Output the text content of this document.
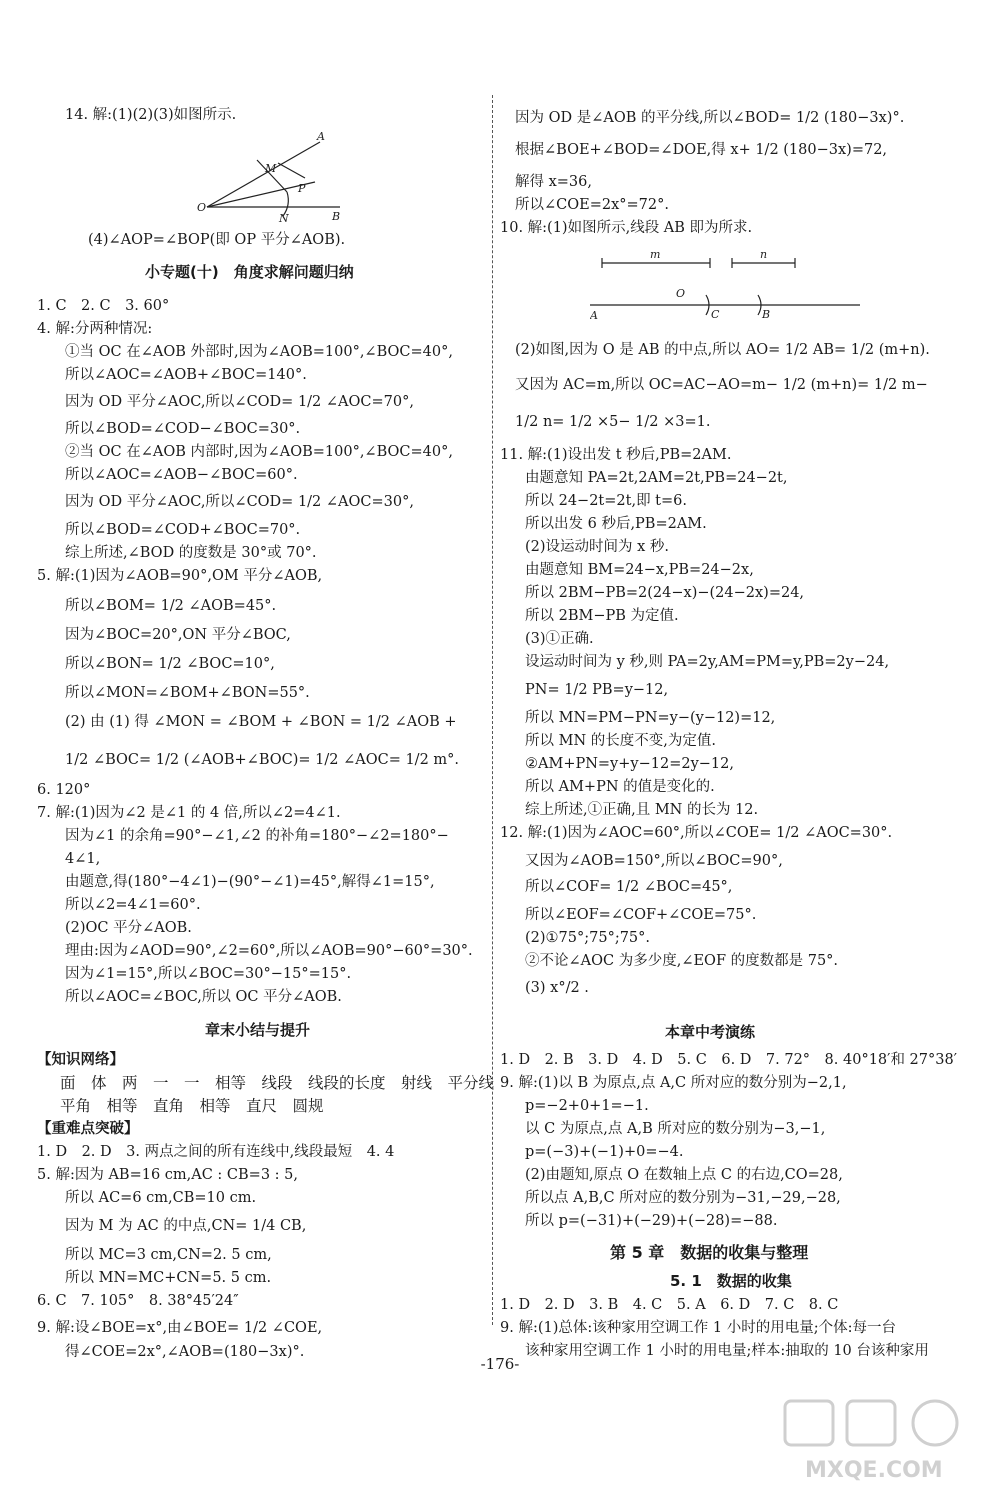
14. 解:(1)(2)(3)如图所示.
A
M
P
O
N	B
(4)∠AOP=∠BOP(即 OP 平分∠AOB).
小专题(十)　角度求解问题归纳
1. C　2. C　3. 60°
4. 解:分两种情况:
①当 OC 在∠AOB 外部时,因为∠AOB=100°,∠BOC=40°,
所以∠AOC=∠AOB+∠BOC=140°.
因为 OD 平分∠AOC,所以∠COD= 1/2 ∠AOC=70°,
所以∠BOD=∠COD−∠BOC=30°.
②当 OC 在∠AOB 内部时,因为∠AOB=100°,∠BOC=40°,
所以∠AOC=∠AOB−∠BOC=60°.
因为 OD 平分∠AOC,所以∠COD= 1/2 ∠AOC=30°,
所以∠BOD=∠COD+∠BOC=70°.
综上所述,∠BOD 的度数是 30°或 70°.
5. 解:(1)因为∠AOB=90°,OM 平分∠AOB,
所以∠BOM= 1/2 ∠AOB=45°.
因为∠BOC=20°,ON 平分∠BOC,
所以∠BON= 1/2 ∠BOC=10°,
所以∠MON=∠BOM+∠BON=55°.
(2) 由 (1) 得 ∠MON = ∠BOM + ∠BON = 1/2 ∠AOB +
1/2 ∠BOC= 1/2 (∠AOB+∠BOC)= 1/2 ∠AOC= 1/2 m°.
6. 120°
7. 解:(1)因为∠2 是∠1 的 4 倍,所以∠2=4∠1.
因为∠1 的余角=90°−∠1,∠2 的补角=180°−∠2=180°−
4∠1,
由题意,得(180°−4∠1)−(90°−∠1)=45°,解得∠1=15°,
所以∠2=4∠1=60°.
(2)OC 平分∠AOB.
理由:因为∠AOD=90°,∠2=60°,所以∠AOB=90°−60°=30°.
因为∠1=15°,所以∠BOC=30°−15°=15°.
所以∠AOC=∠BOC,所以 OC 平分∠AOB.
章末小结与提升
【知识网络】
面　体　两　一　一　相等　线段　线段的长度　射线　平分线
平角　相等　直角　相等　直尺　圆规
【重难点突破】
1. D　2. D　3. 两点之间的所有连线中,线段最短　4. 4
5. 解:因为 AB=16 cm,AC : CB=3 : 5,
所以 AC=6 cm,CB=10 cm.
因为 M 为 AC 的中点,CN= 1/4 CB,
所以 MC=3 cm,CN=2. 5 cm,
所以 MN=MC+CN=5. 5 cm.
6. C　7. 105°　8. 38°45′24″
9. 解:设∠BOE=x°,由∠BOE= 1/2 ∠COE,
得∠COE=2x°,∠AOB=(180−3x)°.
因为 OD 是∠AOB 的平分线,所以∠BOD= 1/2 (180−3x)°.
根据∠BOE+∠BOD=∠DOE,得 x+ 1/2 (180−3x)=72,
解得 x=36,
所以∠COE=2x°=72°.
10. 解:(1)如图所示,线段 AB 即为所求.
m	n
O
A	C	B
(2)如图,因为 O 是 AB 的中点,所以 AO= 1/2 AB= 1/2 (m+n).
又因为 AC=m,所以 OC=AC−AO=m− 1/2 (m+n)= 1/2 m−
1/2 n= 1/2 ×5− 1/2 ×3=1.
11. 解:(1)设出发 t 秒后,PB=2AM.
由题意知 PA=2t,2AM=2t,PB=24−2t,
所以 24−2t=2t,即 t=6.
所以出发 6 秒后,PB=2AM.
(2)设运动时间为 x 秒.
由题意知 BM=24−x,PB=24−2x,
所以 2BM−PB=2(24−x)−(24−2x)=24,
所以 2BM−PB 为定值.
(3)①正确.
设运动时间为 y 秒,则 PA=2y,AM=PM=y,PB=2y−24,
PN= 1/2 PB=y−12,
所以 MN=PM−PN=y−(y−12)=12,
所以 MN 的长度不变,为定值.
②AM+PN=y+y−12=2y−12,
所以 AM+PN 的值是变化的.
综上所述,①正确,且 MN 的长为 12.
12. 解:(1)因为∠AOC=60°,所以∠COE= 1/2 ∠AOC=30°.
又因为∠AOB=150°,所以∠BOC=90°,
所以∠COF= 1/2 ∠BOC=45°,
所以∠EOF=∠COF+∠COE=75°.
(2)①75°;75°;75°.
②不论∠AOC 为多少度,∠EOF 的度数都是 75°.
(3) x°/2 .
本章中考演练
1. D　2. B　3. D　4. D　5. C　6. D　7. 72°　8. 40°18′和 27°38′
9. 解:(1)以 B 为原点,点 A,C 所对应的数分别为−2,1,
p=−2+0+1=−1.
以 C 为原点,点 A,B 所对应的数分别为−3,−1,
p=(−3)+(−1)+0=−4.
(2)由题知,原点 O 在数轴上点 C 的右边,CO=28,
所以点 A,B,C 所对应的数分别为−31,−29,−28,
所以 p=(−31)+(−29)+(−28)=−88.
第 5 章　数据的收集与整理
5. 1　数据的收集
1. D　2. D　3. B　4. C　5. A　6. D　7. C　8. C
9. 解:(1)总体:该种家用空调工作 1 小时的用电量;个体:每一台
该种家用空调工作 1 小时的用电量;样本:抽取的 10 台该种家用
-176-
MXQE.COM
